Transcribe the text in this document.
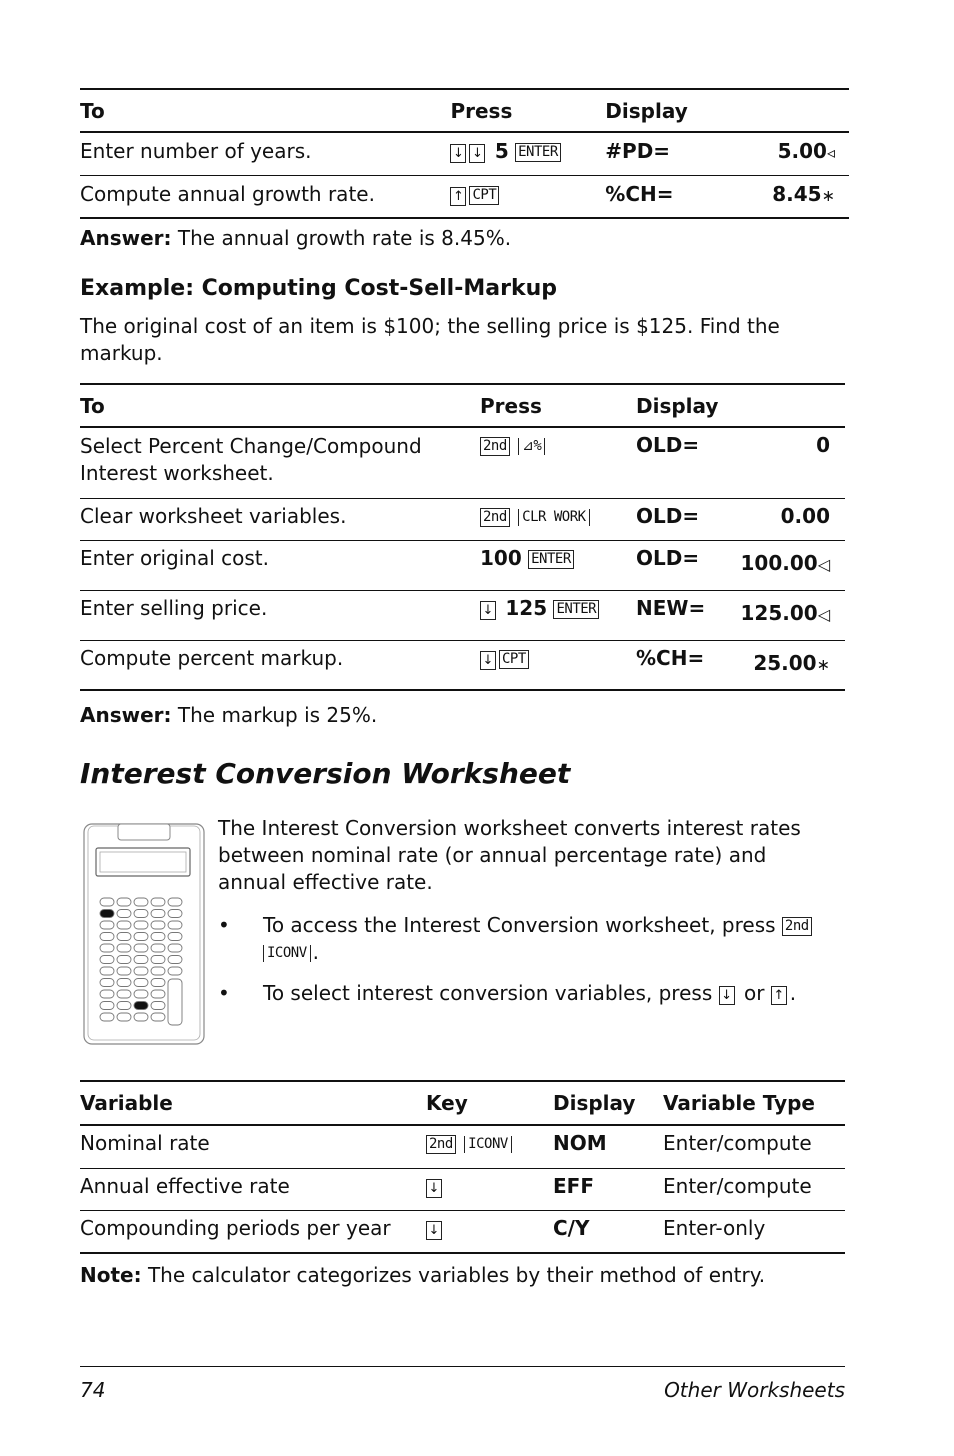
To	Press	Display	
Enter number of years.	↓ ↓ 5 ENTER	#PD=	5.00◃
Compute annual growth rate.	↑ CPT	%CH=	8.45∗

Answer: The annual growth rate is 8.45%.

Example: Computing Cost-Sell-Markup

The original cost of an item is $100; the selling price is $125. Find the markup.

To	Press	Display	
Select Percent Change/Compound Interest worksheet.	2nd ⊿%	OLD=	0
Clear worksheet variables.	2nd CLR WORK	OLD=	0.00
Enter original cost.	100 ENTER	OLD=	100.00◁
Enter selling price.	↓ 125 ENTER	NEW=	125.00◁
Compute percent markup.	↓ CPT	%CH=	25.00∗

Answer: The markup is 25%.

Interest Conversion Worksheet

The Interest Conversion worksheet converts interest rates between nominal rate (or annual percentage rate) and annual effective rate.

• To access the Interest Conversion worksheet, press 2nd ICONV .
• To select interest conversion variables, press ↓ or ↑ .
Variable	Key	Display	Variable Type
Nominal rate	2nd ICONV	NOM	Enter/compute
Annual effective rate	↓	EFF	Enter/compute
Compounding periods per year	↓	C/Y	Enter-only

Note: The calculator categorizes variables by their method of entry.

74	Other Worksheets
